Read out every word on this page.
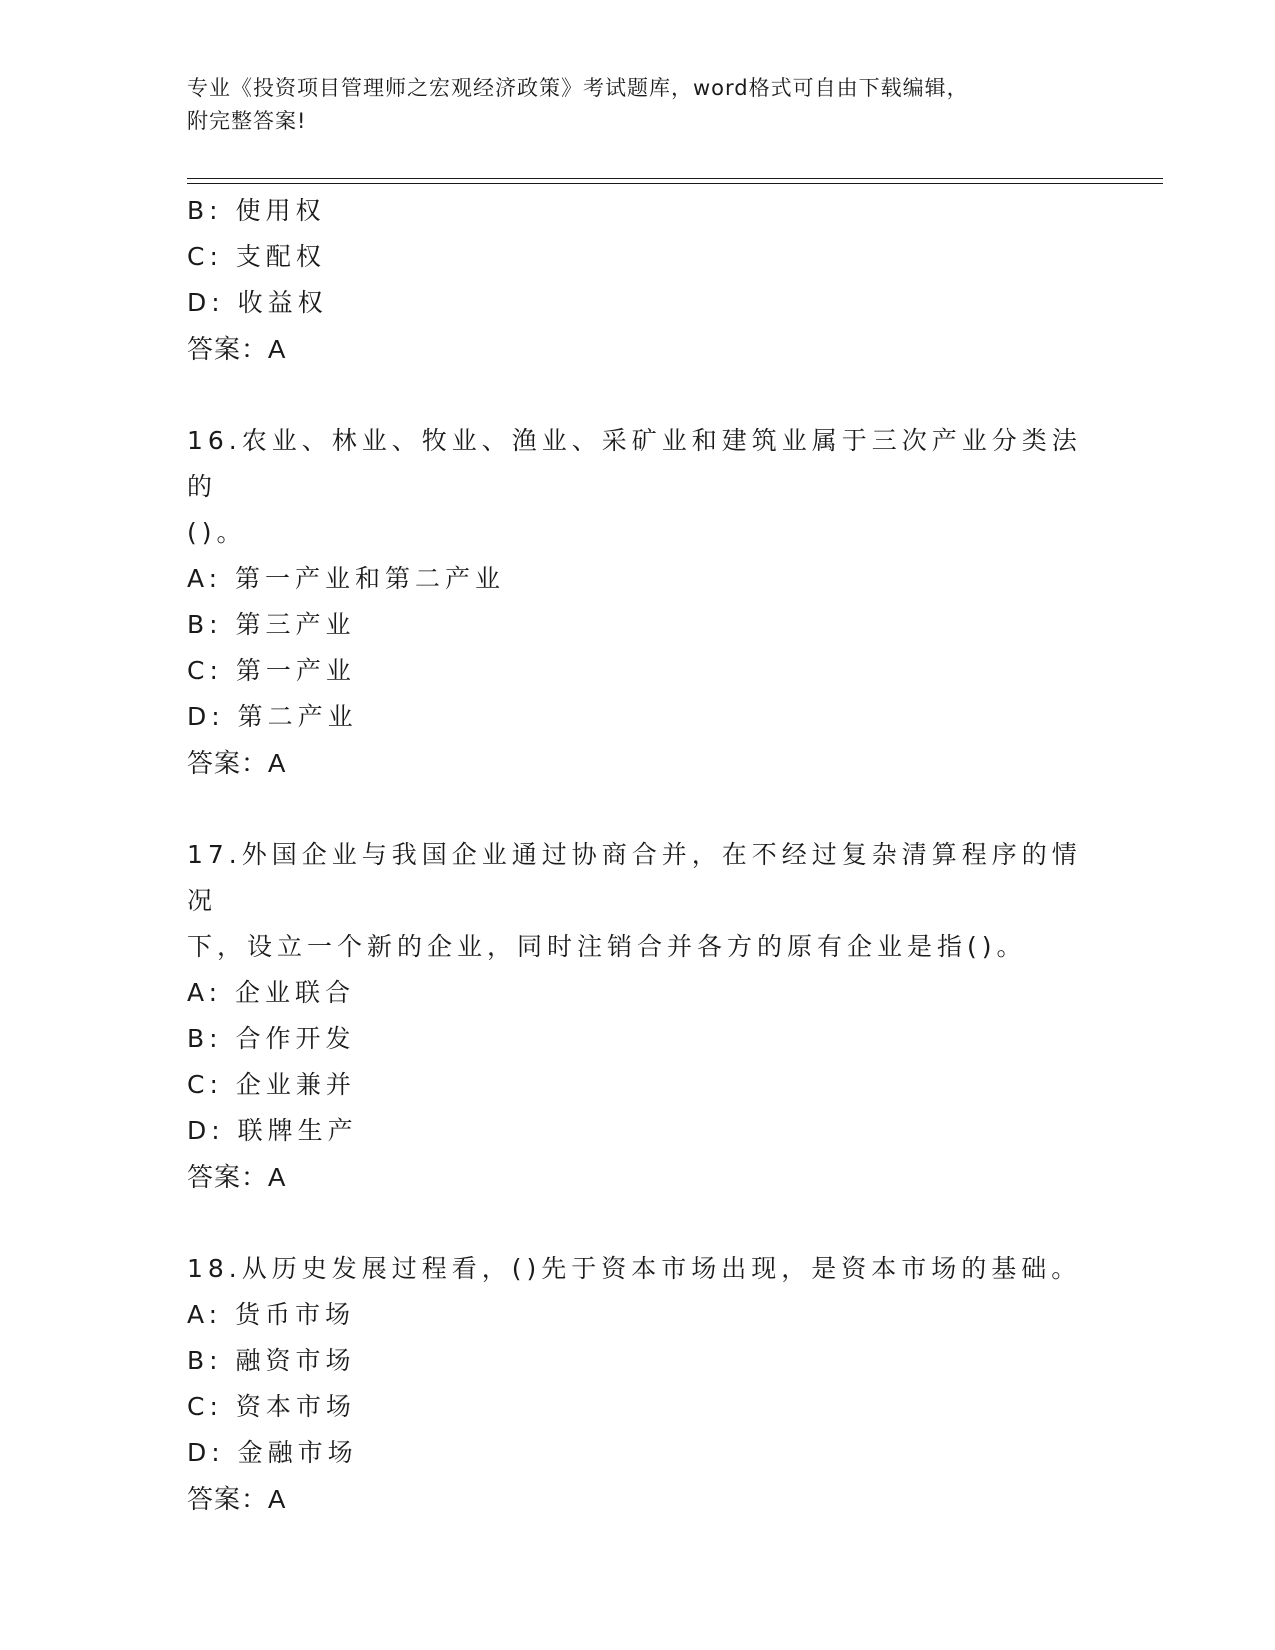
专业《投资项目管理师之宏观经济政策》考试题库，word格式可自由下载编辑，
附完整答案!
B: 使用权
C: 支配权
D: 收益权
答案：A
16.农业、林业、牧业、渔业、采矿业和建筑业属于三次产业分类法的
()。
A: 第一产业和第二产业
B: 第三产业
C: 第一产业
D: 第二产业
答案：A
17.外国企业与我国企业通过协商合并，在不经过复杂清算程序的情况
下，设立一个新的企业，同时注销合并各方的原有企业是指()。
A: 企业联合
B: 合作开发
C: 企业兼并
D: 联牌生产
答案：A
18.从历史发展过程看，()先于资本市场出现，是资本市场的基础。
A: 货币市场
B: 融资市场
C: 资本市场
D: 金融市场
答案：A
